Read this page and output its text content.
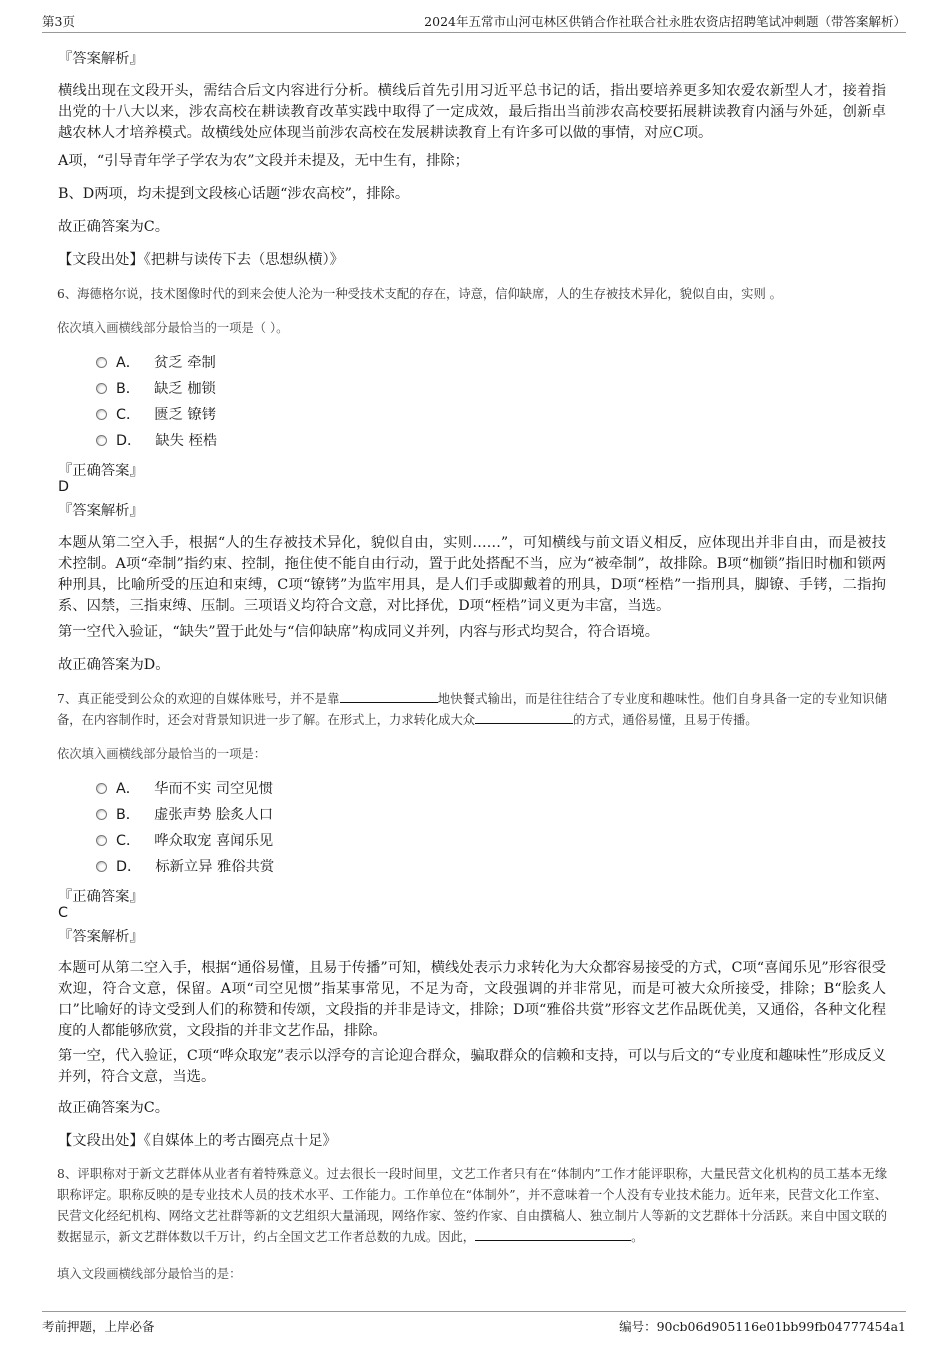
第3页	2024年五常市山河屯林区供销合作社联合社永胜农资店招聘笔试冲刺题（带答案解析）
『答案解析』
横线出现在文段开头，需结合后文内容进行分析。横线后首先引用习近平总书记的话，指出要培养更多知农爱农新型人才，接着指出党的十八大以来，涉农高校在耕读教育改革实践中取得了一定成效，最后指出当前涉农高校要拓展耕读教育内涵与外延，创新卓越农林人才培养模式。故横线处应体现当前涉农高校在发展耕读教育上有许多可以做的事情，对应C项。
A项，“引导青年学子学农为农”文段并未提及，无中生有，排除；
B、D两项，均未提到文段核心话题“涉农高校”，排除。
故正确答案为C。
【文段出处】《把耕与读传下去（思想纵横）》
6、海德格尔说，技术图像时代的到来会使人沦为一种受技术支配的存在，诗意，信仰缺席，人的生存被技术异化，貌似自由，实则 。
依次填入画横线部分最恰当的一项是（ ）。
A． 贫乏 牵制
B． 缺乏 枷锁
C． 匮乏 镣铐
D． 缺失 桎梏
『正确答案』
D
『答案解析』
本题从第二空入手，根据“人的生存被技术异化，貌似自由，实则……”，可知横线与前文语义相反，应体现出并非自由，而是被技术控制。A项“牵制”指约束、控制，拖住使不能自由行动，置于此处搭配不当，应为“被牵制”，故排除。B项“枷锁”指旧时枷和锁两种刑具，比喻所受的压迫和束缚，C项“镣铐”为监牢用具，是人们手或脚戴着的刑具，D项“桎梏”一指刑具，脚镣、手铐，二指拘系、囚禁，三指束缚、压制。三项语义均符合文意，对比择优，D项“桎梏”词义更为丰富，当选。
第一空代入验证，“缺失”置于此处与“信仰缺席”构成同义并列，内容与形式均契合，符合语境。
故正确答案为D。
7、真正能受到公众的欢迎的自媒体账号，并不是靠	地快餐式输出，而是往往结合了专业度和趣味性。他们自身具备一定的专业知识储备，在内容制作时，还会对背景知识进一步了解。在形式上，力求转化成大众	的方式，通俗易懂，且易于传播。
依次填入画横线部分最恰当的一项是：
A． 华而不实 司空见惯
B． 虚张声势 脍炙人口
C． 哗众取宠 喜闻乐见
D． 标新立异 雅俗共赏
『正确答案』
C
『答案解析』
本题可从第二空入手，根据“通俗易懂，且易于传播”可知，横线处表示力求转化为大众都容易接受的方式，C项“喜闻乐见”形容很受欢迎，符合文意，保留。A项“司空见惯”指某事常见，不足为奇，文段强调的并非常见，而是可被大众所接受，排除；B“脍炙人口”比喻好的诗文受到人们的称赞和传颂，文段指的并非是诗文，排除；D项“雅俗共赏”形容文艺作品既优美，又通俗，各种文化程度的人都能够欣赏，文段指的并非文艺作品，排除。
第一空，代入验证，C项“哗众取宠”表示以浮夸的言论迎合群众，骗取群众的信赖和支持，可以与后文的“专业度和趣味性”形成反义并列，符合文意，当选。
故正确答案为C。
【文段出处】《自媒体上的考古圈亮点十足》
8、评职称对于新文艺群体从业者有着特殊意义。过去很长一段时间里，文艺工作者只有在“体制内”工作才能评职称，大量民营文化机构的员工基本无缘职称评定。职称反映的是专业技术人员的技术水平、工作能力。工作单位在“体制外”，并不意味着一个人没有专业技术能力。近年来，民营文化工作室、民营文化经纪机构、网络文艺社群等新的文艺组织大量涌现，网络作家、签约作家、自由撰稿人、独立制片人等新的文艺群体十分活跃。来自中国文联的数据显示，新文艺群体数以千万计，约占全国文艺工作者总数的九成。因此，	。
填入文段画横线部分最恰当的是：
考前押题，上岸必备	编号：90cb06d905116e01bb99fb04777454a1
